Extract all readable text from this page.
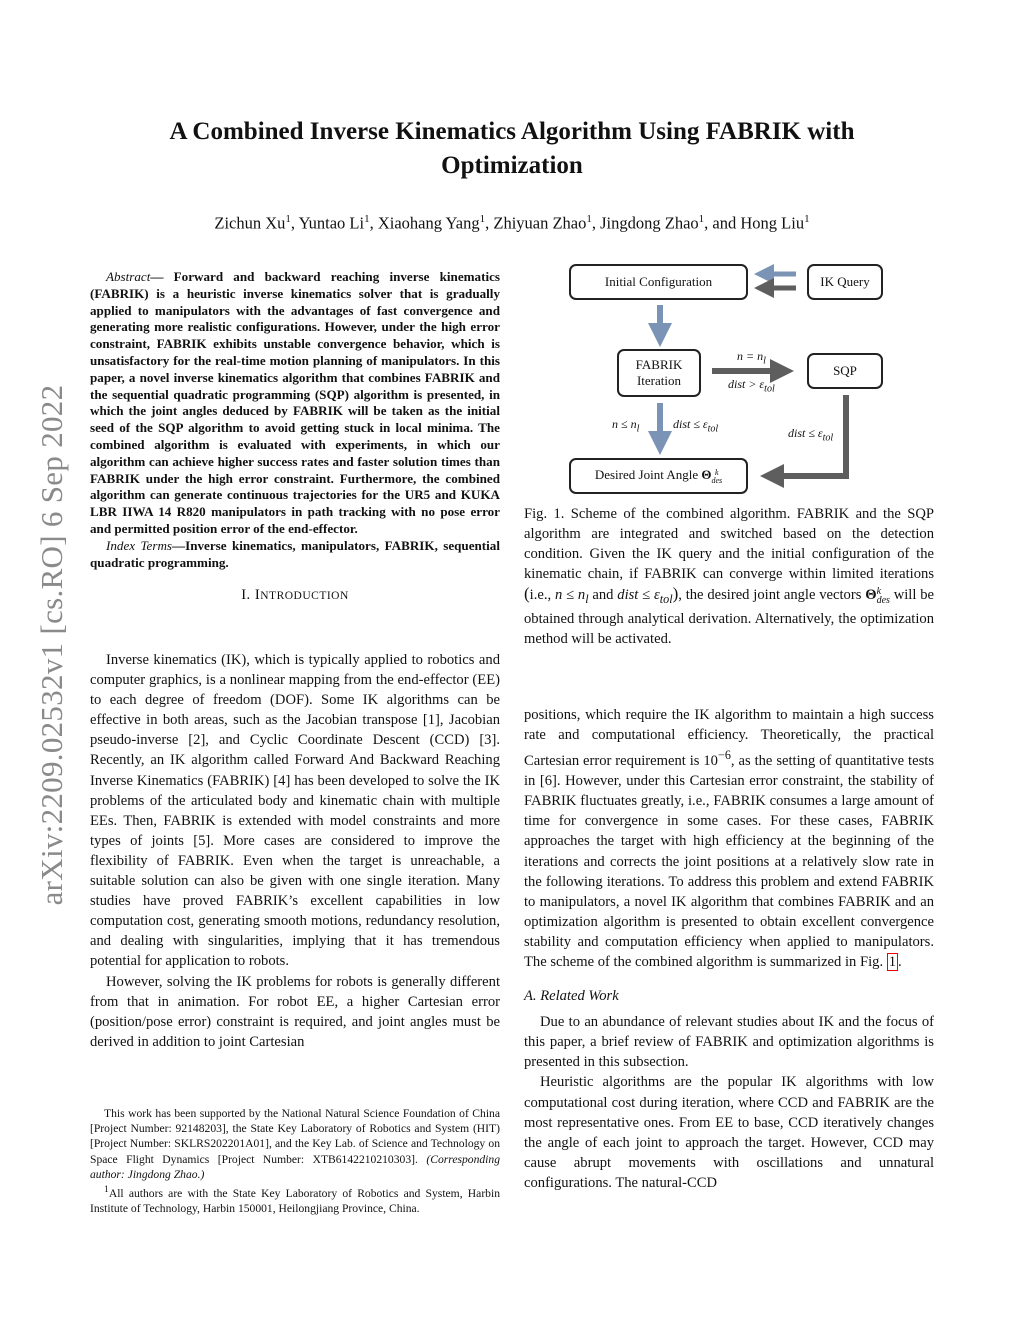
arXiv:2209.02532v1 [cs.RO] 6 Sep 2022
A Combined Inverse Kinematics Algorithm Using FABRIK with Optimization
Zichun Xu$^1$, Yuntao Li$^1$, Xiaohang Yang$^1$, Zhiyuan Zhao$^1$, Jingdong Zhao$^1$, and Hong Liu$^1$

Abstract— Forward and backward reaching inverse kinematics (FABRIK) is a heuristic inverse kinematics solver that is gradually applied to manipulators with the advantages of fast convergence and generating more realistic configurations. However, under the high error constraint, FABRIK exhibits unstable convergence behavior, which is unsatisfactory for the real-time motion planning of manipulators. In this paper, a novel inverse kinematics algorithm that combines FABRIK and the sequential quadratic programming (SQP) algorithm is presented, in which the joint angles deduced by FABRIK will be taken as the initial seed of the SQP algorithm to avoid getting stuck in local minima. The combined algorithm is evaluated with experiments, in which our algorithm can achieve higher success rates and faster solution times than FABRIK under the high error constraint. Furthermore, the combined algorithm can generate continuous trajectories for the UR5 and KUKA LBR IIWA 14 R820 manipulators in path tracking with no pose error and permitted position error of the end-effector.

Index Terms—Inverse kinematics, manipulators, FABRIK, sequential quadratic programming.

I. INTRODUCTION

Inverse kinematics (IK), which is typically applied to robotics and computer graphics, is a nonlinear mapping from the end-effector (EE) to each degree of freedom (DOF). Some IK algorithms can be effective in both areas, such as the Jacobian transpose [1], Jacobian pseudo-inverse [2], and Cyclic Coordinate Descent (CCD) [3]. Recently, an IK algorithm called Forward And Backward Reaching Inverse Kinematics (FABRIK) [4] has been developed to solve the IK problems of the articulated body and kinematic chain with multiple EEs. Then, FABRIK is extended with model constraints and more types of joints [5]. More cases are considered to improve the flexibility of FABRIK. Even when the target is unreachable, a suitable solution can also be given with one single iteration. Many studies have proved FABRIK’s excellent capabilities in low computation cost, generating smooth motions, redundancy resolution, and dealing with singularities, implying that it has tremendous potential for application to robots.

However, solving the IK problems for robots is generally different from that in animation. For robot EE, a higher Cartesian error (position/pose error) constraint is required, and joint angles must be derived in addition to joint Cartesian

This work has been supported by the National Natural Science Foundation of China [Project Number: 92148203], the State Key Laboratory of Robotics and System (HIT) [Project Number: SKLRS202201A01], and the Key Lab. of Science and Technology on Space Flight Dynamics [Project Number: XTB6142210210303]. (Corresponding author: Jingdong Zhao.)

$^1$All authors are with the State Key Laboratory of Robotics and System, Harbin Institute of Technology, Harbin 150001, Heilongjiang Province, China.

Initial Configuration	IK Query
FABRIK
Iteration
SQP
Desired Joint Angle Θ k
des
$n = n_l$
dist > $\varepsilon_{tol}$
$n \le n_l$	dist ≤ $\varepsilon_{tol}$	dist ≤ $\varepsilon_{tol}$
Fig. 1. Scheme of the combined algorithm. FABRIK and the SQP algorithm are integrated and switched based on the detection condition. Given the IK query and the initial configuration of the kinematic chain, if FABRIK can converge within limited iterations (i.e., $n \le n_l$ and dist ≤ $\varepsilon_{tol}$), the desired joint angle vectors Θ k
des will be obtained through analytical derivation. Alternatively, the optimization method will be activated.

positions, which require the IK algorithm to maintain a high success rate and computational efficiency. Theoretically, the practical Cartesian error requirement is $10^{-6}$, as the setting of quantitative tests in [6]. However, under this Cartesian error constraint, the stability of FABRIK fluctuates greatly, i.e., FABRIK consumes a large amount of time for convergence in some cases. For these cases, FABRIK approaches the target with high efficiency at the beginning of the iterations and corrects the joint positions at a relatively slow rate in the following iterations. To address this problem and extend FABRIK to manipulators, a novel IK algorithm that combines FABRIK and an optimization algorithm is presented to obtain excellent convergence stability and computation efficiency when applied to manipulators. The scheme of the combined algorithm is summarized in Fig. 1 .

A. Related Work

Due to an abundance of relevant studies about IK and the focus of this paper, a brief review of FABRIK and optimization algorithms is presented in this subsection.

Heuristic algorithms are the popular IK algorithms with low computational cost during iteration, where CCD and FABRIK are the most representative ones. From EE to base, CCD iteratively changes the angle of each joint to approach the target. However, CCD may cause abrupt movements with oscillations and unnatural configurations. The natural-CCD
